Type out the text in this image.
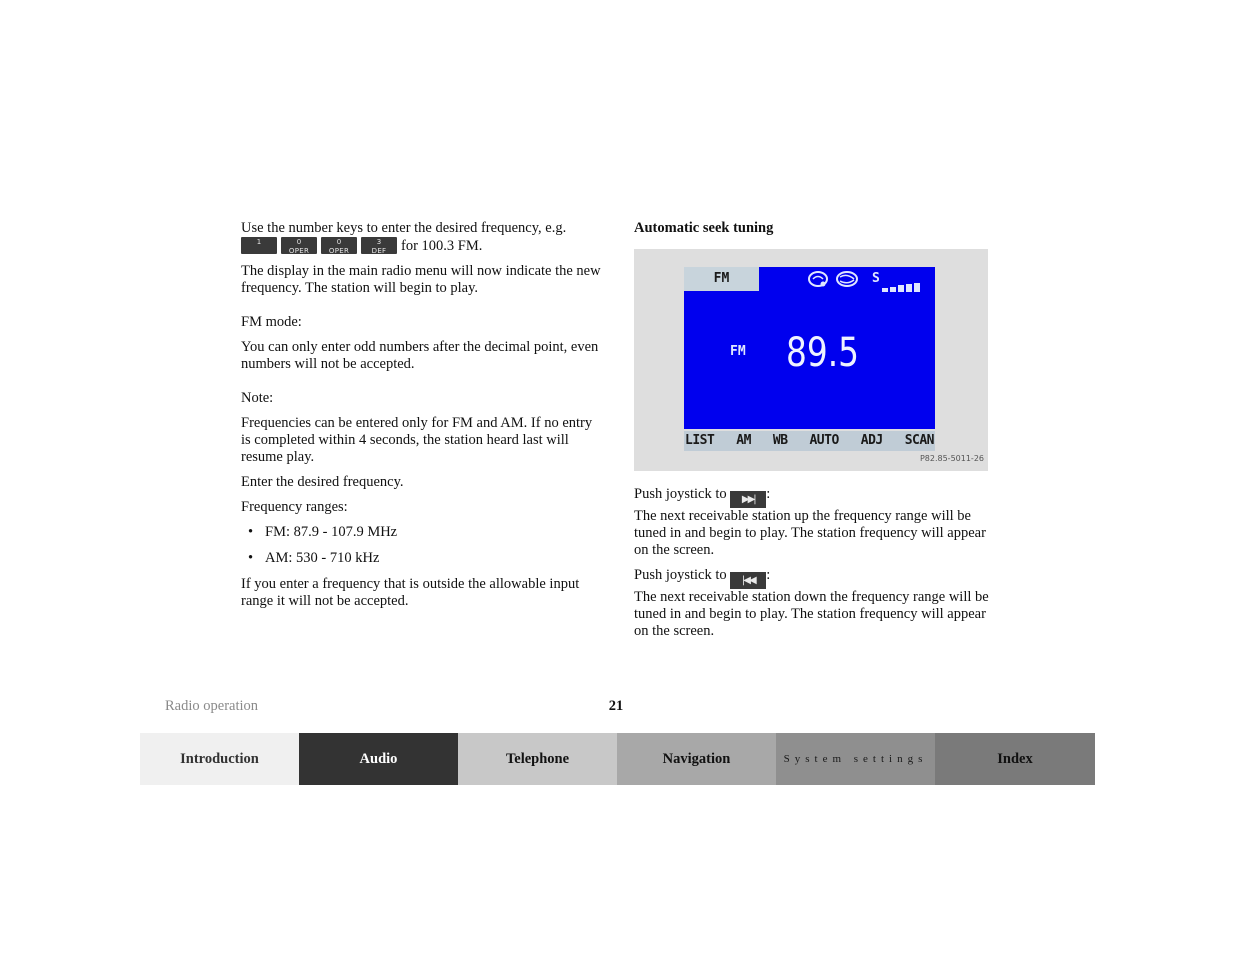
Use the number keys to enter the desired frequency, e.g.
1	0
OPER
0
OPER
3
DEF	for 100.3 FM.

The display in the main radio menu will now indicate the new frequency. The station will begin to play.

FM mode:

You can only enter odd numbers after the decimal point, even numbers will not be accepted.

Note:

Frequencies can be entered only for FM and AM. If no entry is completed within 4 seconds, the station heard last will resume play.

Enter the desired frequency.

Frequency ranges:

• FM: 87.9 - 107.9 MHz
• AM: 530 - 710 kHz

If you enter a frequency that is outside the allowable input range it will not be accepted.

Automatic seek tuning

FM	S
FM 89.5
LIST AM WB AUTO ADJ SCAN
P82.85-5011-26

Push joystick to ▶▶| :
The next receivable station up the frequency range will be tuned in and begin to play. The station frequency will appear on the screen.

Push joystick to |◀◀ :
The next receivable station down the frequency range will be tuned in and begin to play. The station frequency will appear on the screen.

Radio operation	21
Introduction	Audio	Telephone	Navigation	System settings	Index
